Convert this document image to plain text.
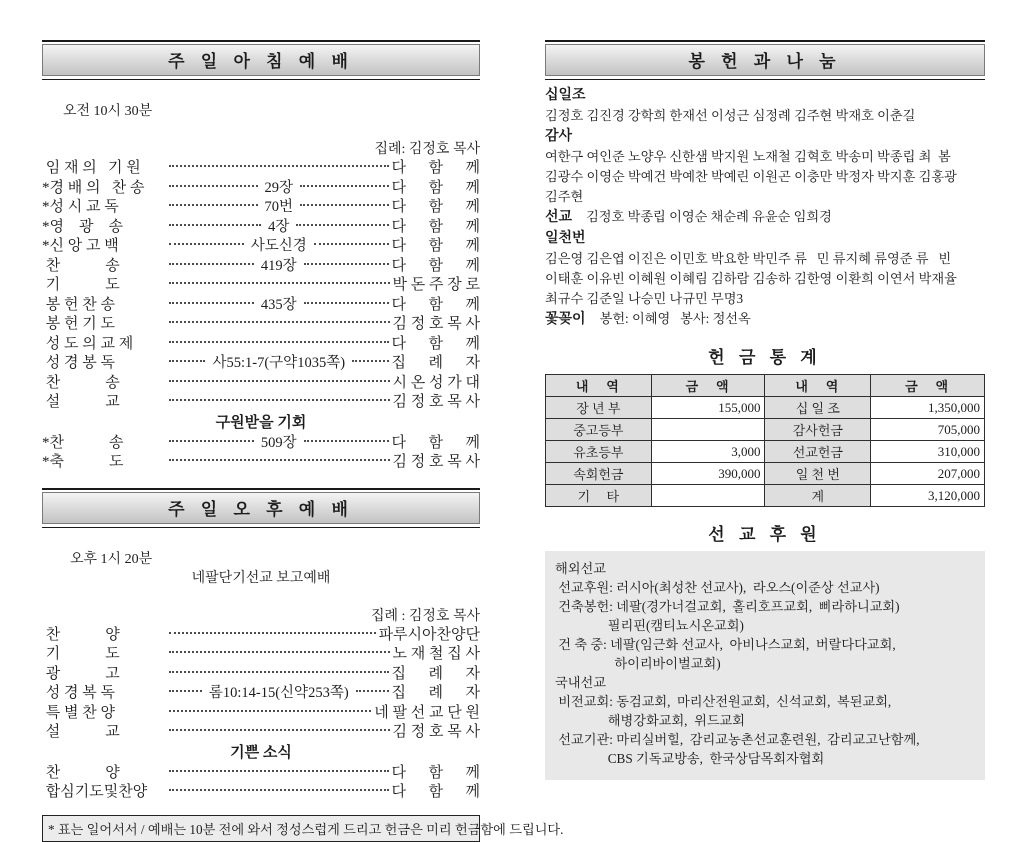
주 일 아 침 예 배

오전 10시 30분

집례: 김정호 목사
임 재 의   기 원	다      함      께
*경 배 의   찬 송	29장	다      함      께
*성 시 교 독	70번	다      함      께
*영    광    송	4장	다      함      께
*신 앙 고 백	사도신경	다      함      께
찬            송	419장	다      함      께
기            도	박 돈 주 장 로
봉 헌 찬 송	435장	다      함      께
봉 헌 기 도	김 정 호 목 사
성 도 의 교 제	다      함      께
성 경 봉 독	사55:1-7(구약1035쪽)	집      례      자
찬            송	시 온 성 가 대
설            교	김 정 호 목 사
구원받을 기회
*찬            송	509장	다      함      께
*축            도	김 정 호 목 사
주 일 오 후 예 배

오후 1시 20분

네팔단기선교 보고예배

집례 : 김정호 목사
찬            양	파루시아찬양단
기            도	노 재 철 집 사
광            고	집      례      자
성 경 복 독	롬10:14-15(신약253쪽)	집      례      자
특 별 찬 양	네 팔 선 교 단 원
설            교	김 정 호 목 사
기쁜 소식
찬            양	다      함      께
합심기도및찬양	다      함      께
* 표는 일어서서 / 예배는 10분 전에 와서 정성스럽게 드리고 헌금은 미리 헌금함에 드립니다.
봉 헌 과 나 눔
십일조
김정호 김진경 강학희 한재선 이성근 심정례 김주현 박재호 이춘길
감사
여한구 여인준 노양우 신한샘 박지원 노재철 김혁호 박송미 박종립 최  봄
김광수 이영순 박예건 박예찬 박예린 이원곤 이충만 박정자 박지훈 김홍광
김주현
선교 김정호 박종립 이영순 채순례 유윤순 임희경
일천번
김은영 김은엽 이진은 이민호 박요한 박민주 류   민 류지혜 류영준 류   빈
이태훈 이유빈 이혜원 이혜림 김하람 김송하 김한영 이환희 이연서 박재율
최규수 김준일 나승민 나규민 무명3
꽃꽂이 봉헌: 이혜영   봉사: 정선옥
헌 금 통 계
내   역	금   액	내   역	금   액
장 년 부	155,000	십 일 조	1,350,000
중고등부		감사헌금	705,000
유초등부	3,000	선교헌금	310,000
속회헌금	390,000	일 천 번	207,000
기     타		계	3,120,000
선 교 후 원
해외선교
선교후원: 러시아(최성찬 선교사),  라오스(이준상 선교사)
건축봉헌: 네팔(경가너걸교회,  홀리호프교회,  삐라하니교회)
필리핀(캠티뇨시온교회)
건 축 중: 네팔(임근화 선교사,  아비나스교회,  버랄다다교회,
하이리바이벌교회)
국내선교
비전교회: 동검교회,  마리산전원교회,  신석교회,  복된교회,
해병강화교회,  위드교회
선교기관: 마리실버힐,  감리교농촌선교훈련원,  감리교고난함께,
CBS 기독교방송,  한국상담목회자협회
